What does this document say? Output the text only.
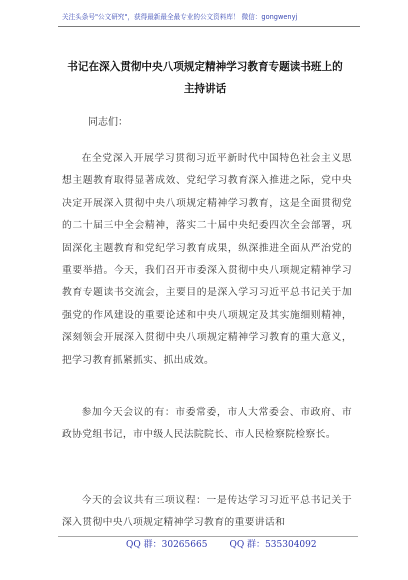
关注头条号"公文研究"，获得最新最全最专业的公文资料库！ 微信：gongwenyj
书记在深入贯彻中央八项规定精神学习教育专题读书班上的主持讲话
同志们：

在全党深入开展学习贯彻习近平新时代中国特色社会主义思想主题教育取得显著成效、党纪学习教育深入推进之际，党中央决定开展深入贯彻中央八项规定精神学习教育，这是全面贯彻党的二十届三中全会精神，落实二十届中央纪委四次全会部署，巩固深化主题教育和党纪学习教育成果，纵深推进全面从严治党的重要举措。今天，我们召开市委深入贯彻中央八项规定精神学习教育专题读书交流会，主要目的是深入学习习近平总书记关于加强党的作风建设的重要论述和中央八项规定及其实施细则精神，深刻领会开展深入贯彻中央八项规定精神学习教育的重大意义，把学习教育抓紧抓实、抓出成效。

参加今天会议的有：市委常委，市人大常委会、市政府、市政协党组书记，市中级人民法院院长、市人民检察院检察长。

今天的会议共有三项议程：一是传达学习习近平总书记关于深入贯彻中央八项规定精神学习教育的重要讲话和

QQ 群：30265665 QQ 群：535304092
